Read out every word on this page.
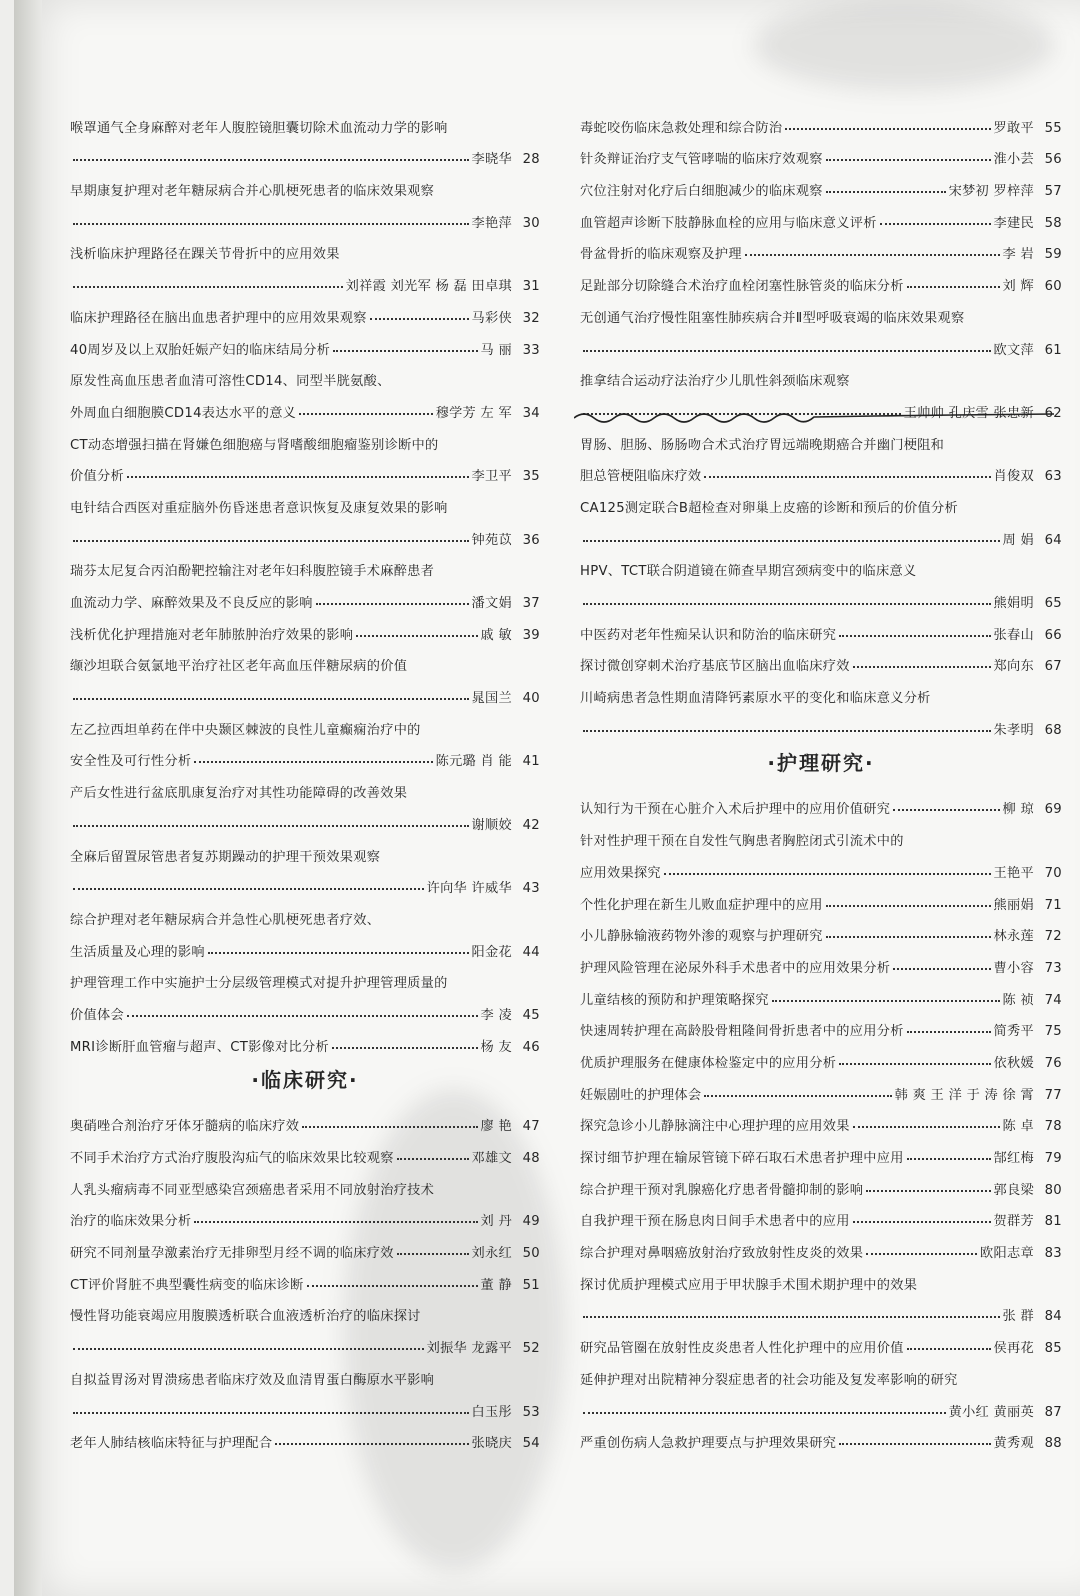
喉罩通气全身麻醉对老年人腹腔镜胆囊切除术血流动力学的影响
李晓华 28
早期康复护理对老年糖尿病合并心肌梗死患者的临床效果观察
李艳萍 30
浅析临床护理路径在踝关节骨折中的应用效果
刘祥霞 刘光军 杨 磊 田卓琪 31
临床护理路径在脑出血患者护理中的应用效果观察	马彩侠 32
40周岁及以上双胎妊娠产妇的临床结局分析	马 丽 33
原发性高血压患者血清可溶性CD14、同型半胱氨酸、
外周血白细胞膜CD14表达水平的意义	穆学芳 左 军 34
CT动态增强扫描在肾嫌色细胞癌与肾嗜酸细胞瘤鉴别诊断中的
价值分析	李卫平 35
电针结合西医对重症脑外伤昏迷患者意识恢复及康复效果的影响
钟苑苡 36
瑞芬太尼复合丙泊酚靶控输注对老年妇科腹腔镜手术麻醉患者
血流动力学、麻醉效果及不良反应的影响	潘文娟 37
浅析优化护理措施对老年肺脓肿治疗效果的影响	戚 敏 39
缬沙坦联合氨氯地平治疗社区老年高血压伴糖尿病的价值
晁国兰 40
左乙拉西坦单药在伴中央颞区棘波的良性儿童癫痫治疗中的
安全性及可行性分析	陈元璐 肖 能 41
产后女性进行盆底肌康复治疗对其性功能障碍的改善效果
谢顺姣 42
全麻后留置尿管患者复苏期躁动的护理干预效果观察
许向华 许威华 43
综合护理对老年糖尿病合并急性心肌梗死患者疗效、
生活质量及心理的影响	阳金花 44
护理管理工作中实施护士分层级管理模式对提升护理管理质量的
价值体会	李 凌 45
MRI诊断肝血管瘤与超声、CT影像对比分析	杨 友 46
·临床研究·
奥硝唑合剂治疗牙体牙髓病的临床疗效	廖 艳 47
不同手术治疗方式治疗腹股沟疝气的临床效果比较观察	邓雄文 48
人乳头瘤病毒不同亚型感染宫颈癌患者采用不同放射治疗技术
治疗的临床效果分析	刘 丹 49
研究不同剂量孕激素治疗无排卵型月经不调的临床疗效	刘永红 50
CT评价肾脏不典型囊性病变的临床诊断	董 静 51
慢性肾功能衰竭应用腹膜透析联合血液透析治疗的临床探讨
刘振华 龙露平 52
自拟益胃汤对胃溃疡患者临床疗效及血清胃蛋白酶原水平影响
白玉彤 53
老年人肺结核临床特征与护理配合	张晓庆 54
毒蛇咬伤临床急救处理和综合防治	罗敢平 55
针灸辩证治疗支气管哮喘的临床疗效观察	淮小芸 56
穴位注射对化疗后白细胞减少的临床观察	宋梦初 罗梓萍 57
血管超声诊断下肢静脉血栓的应用与临床意义评析	李建民 58
骨盆骨折的临床观察及护理	李 岩 59
足趾部分切除缝合术治疗血栓闭塞性脉管炎的临床分析	刘 辉 60
无创通气治疗慢性阻塞性肺疾病合并Ⅱ型呼吸衰竭的临床效果观察
欧文萍 61
推拿结合运动疗法治疗少儿肌性斜颈临床观察
王帅帅 孔庆雪 张忠新 62
胃肠、胆肠、肠肠吻合术式治疗胃远端晚期癌合并幽门梗阻和
胆总管梗阻临床疗效	肖俊双 63
CA125测定联合B超检查对卵巢上皮癌的诊断和预后的价值分析
周 娟 64
HPV、TCT联合阴道镜在筛查早期宫颈病变中的临床意义
熊娟明 65
中医药对老年性痴呆认识和防治的临床研究	张春山 66
探讨微创穿刺术治疗基底节区脑出血临床疗效	郑向东 67
川崎病患者急性期血清降钙素原水平的变化和临床意义分析
朱孝明 68
·护理研究·
认知行为干预在心脏介入术后护理中的应用价值研究	柳 琼 69
针对性护理干预在自发性气胸患者胸腔闭式引流术中的
应用效果探究	王艳平 70
个性化护理在新生儿败血症护理中的应用	熊丽娟 71
小儿静脉输液药物外渗的观察与护理研究	林永莲 72
护理风险管理在泌尿外科手术患者中的应用效果分析	曹小容 73
儿童结核的预防和护理策略探究	陈 祯 74
快速周转护理在高龄股骨粗隆间骨折患者中的应用分析	简秀平 75
优质护理服务在健康体检鉴定中的应用分析	依秋媛 76
妊娠剧吐的护理体会	韩 爽 王 洋 于 涛 徐 霄 77
探究急诊小儿静脉滴注中心理护理的应用效果	陈 卓 78
探讨细节护理在输尿管镜下碎石取石术患者护理中应用	郜红梅 79
综合护理干预对乳腺癌化疗患者骨髓抑制的影响	郭良梁 80
自我护理干预在肠息肉日间手术患者中的应用	贺群芳 81
综合护理对鼻咽癌放射治疗致放射性皮炎的效果	欧阳志章 83
探讨优质护理模式应用于甲状腺手术围术期护理中的效果
张 群 84
研究品管圈在放射性皮炎患者人性化护理中的应用价值	侯再花 85
延伸护理对出院精神分裂症患者的社会功能及复发率影响的研究
黄小红 黄丽英 87
严重创伤病人急救护理要点与护理效果研究	黄秀观 88
